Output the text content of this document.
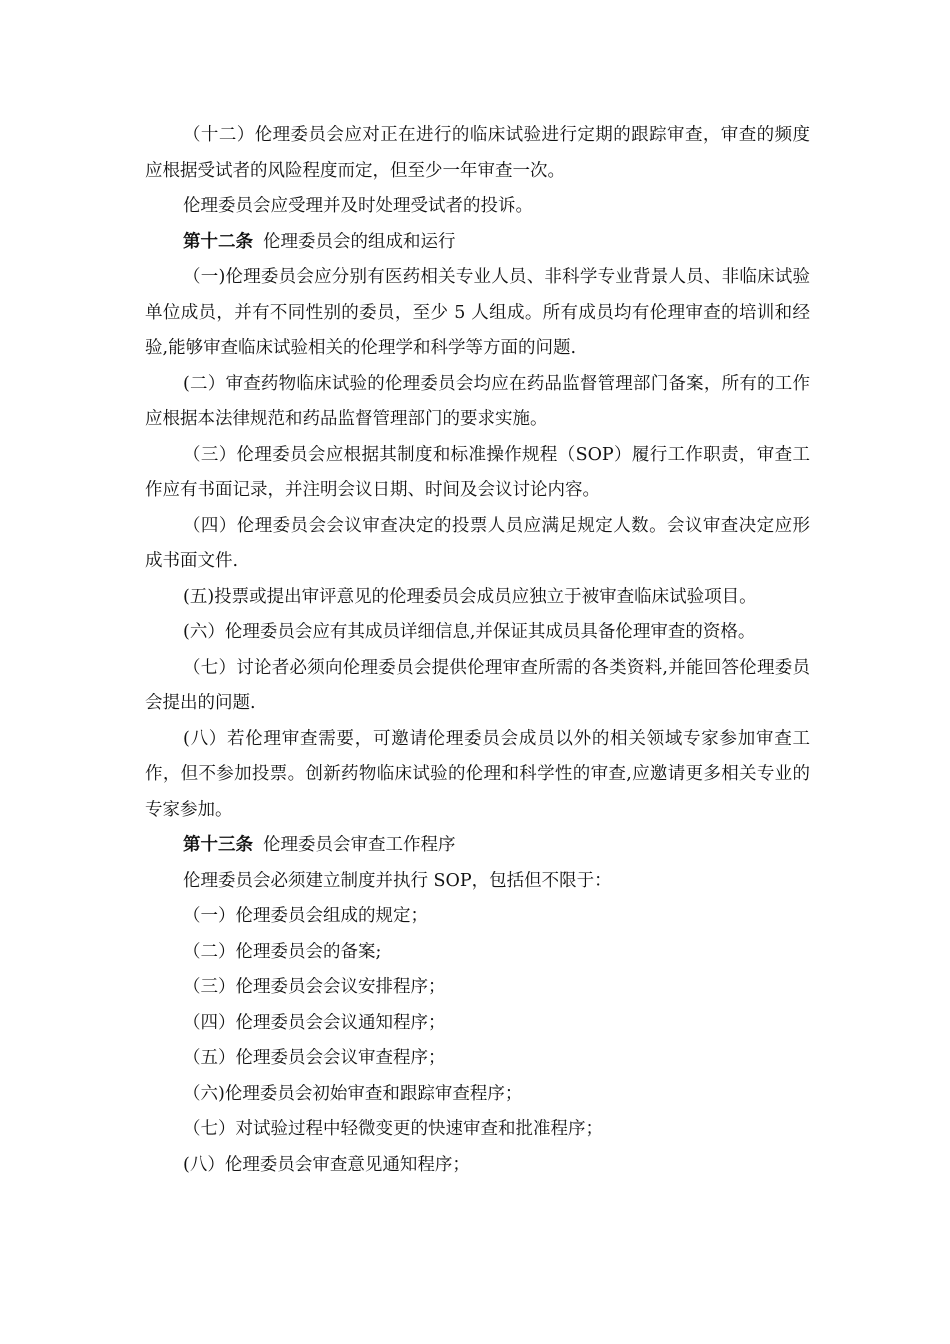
（十二）伦理委员会应对正在进行的临床试验进行定期的跟踪审查，审查的频度应根据受试者的风险程度而定，但至少一年审查一次。

伦理委员会应受理并及时处理受试者的投诉。

第十二条 伦理委员会的组成和运行

（一)伦理委员会应分别有医药相关专业人员、非科学专业背景人员、非临床试验单位成员，并有不同性别的委员，至少 5 人组成。所有成员均有伦理审查的培训和经验,能够审查临床试验相关的伦理学和科学等方面的问题.

(二）审查药物临床试验的伦理委员会均应在药品监督管理部门备案，所有的工作应根据本法律规范和药品监督管理部门的要求实施。

（三）伦理委员会应根据其制度和标准操作规程（SOP）履行工作职责，审查工作应有书面记录，并注明会议日期、时间及会议讨论内容。

（四）伦理委员会会议审查决定的投票人员应满足规定人数。会议审查决定应形成书面文件.

(五)投票或提出审评意见的伦理委员会成员应独立于被审查临床试验项目。

(六）伦理委员会应有其成员详细信息,并保证其成员具备伦理审查的资格。

（七）讨论者必须向伦理委员会提供伦理审查所需的各类资料,并能回答伦理委员会提出的问题.

(八）若伦理审查需要，可邀请伦理委员会成员以外的相关领域专家参加审查工作，但不参加投票。创新药物临床试验的伦理和科学性的审查,应邀请更多相关专业的专家参加。

第十三条 伦理委员会审查工作程序

伦理委员会必须建立制度并执行 SOP，包括但不限于：

（一）伦理委员会组成的规定；

（二）伦理委员会的备案;

（三）伦理委员会会议安排程序；

（四）伦理委员会会议通知程序；

（五）伦理委员会会议审查程序；

（六)伦理委员会初始审查和跟踪审查程序；

（七）对试验过程中轻微变更的快速审查和批准程序；

(八）伦理委员会审查意见通知程序；
